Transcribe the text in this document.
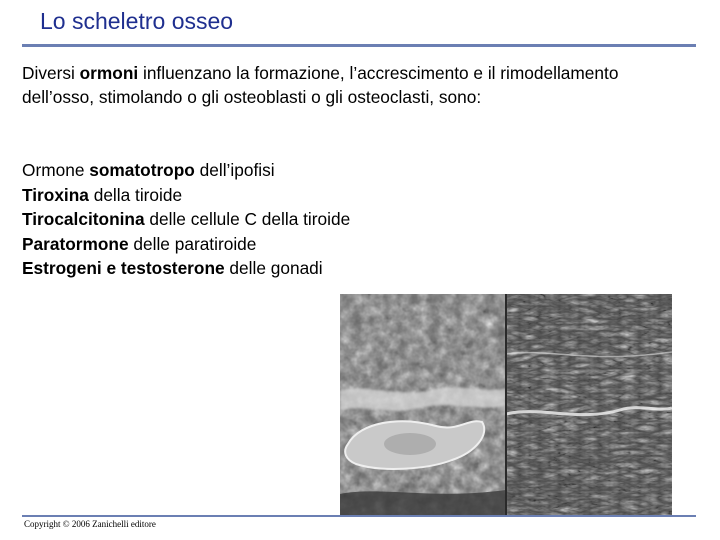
Lo scheletro osseo
Diversi ormoni influenzano la formazione, l’accrescimento e il rimodellamento dell’osso, stimolando o gli osteoblasti o gli osteoclasti, sono:
Ormone somatotropo dell’ipofisi
Tiroxina della tiroide
Tirocalcitonina delle cellule C della tiroide
Paratormone delle paratiroide
Estrogeni e testosterone delle gonadi
Copyright © 2006 Zanichelli editore
